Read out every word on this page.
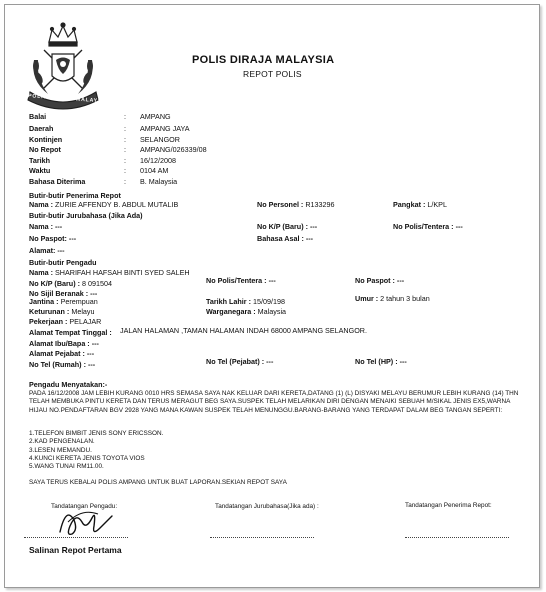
POLIS DIRAJA MALAYSIA
POLIS DIRAJA MALAYSIA
REPOT POLIS
Balai	: AMPANG
Daerah	: AMPANG JAYA
Kontinjen	: SELANGOR
No Repot	: AMPANG/026339/08
Tarikh	: 16/12/2008
Waktu	: 0104 AM
Bahasa Diterima	: B. Malaysia
Butir-butir Penerima Repot
Nama : ZURIE AFFENDY B. ABDUL MUTALIB	No Personel : R133296	Pangkat : L/KPL
Butir-butir Jurubahasa (Jika Ada)
Nama : ---	No K/P (Baru) : ---	No Polis/Tentera : ---
No Paspot: ---	Bahasa Asal : ---
Alamat: ---
Butir-butir Pengadu
Nama : SHARIFAH HAFSAH BINTI SYED SALEH
No K/P (Baru) : 8 091504	No Polis/Tentera : ---	No Paspot : ---
No Sijil Beranak : ---
Jantina : Perempuan	Tarikh Lahir : 15/09/198	Umur : 2 tahun 3 bulan
Keturunan : Melayu	Warganegara : Malaysia
Pekerjaan : PELAJAR
Alamat Tempat Tinggal : JALAN HALAMAN ,TAMAN HALAMAN INDAH 68000 AMPANG SELANGOR.
Alamat Ibu/Bapa : ---
Alamat Pejabat : ---
No Tel (Rumah) : ---	No Tel (Pejabat) : ---	No Tel (HP) : ---
Pengadu Menyatakan:-
PADA 16/12/2008 JAM LEBIH KURANG 0010 HRS SEMASA SAYA NAK KELUAR DARI KERETA,DATANG (1) (L) DISYAKI MELAYU BERUMUR LEBIH KURANG (14) THN TELAH MEMBUKA PINTU KERETA DAN TERUS MERAGUT BEG SAYA.SUSPEK TELAH MELARIKAN DIRI DENGAN MENAIKI SEBUAH M/SIKAL JENIS EX5,WARNA HIJAU NO.PENDAFTARAN BGV 2928 YANG MANA KAWAN SUSPEK TELAH MENUNGGU.BARANG-BARANG YANG TERDAPAT DALAM BEG TANGAN SEPERTI:
1.TELEFON BIMBIT JENIS SONY ERICSSON.
2.KAD PENGENALAN.
3.LESEN MEMANDU.
4.KUNCI KERETA JENIS TOYOTA VIOS
5.WANG TUNAI RM11.00.
SAYA TERUS KEBALAI POLIS AMPANG UNTUK BUAT LAPORAN.SEKIAN REPOT SAYA
Tandatangan Pengadu:	Tandatangan Jurubahasa(Jika ada) :	Tandatangan Penerima Repot:
Salinan Repot Pertama
